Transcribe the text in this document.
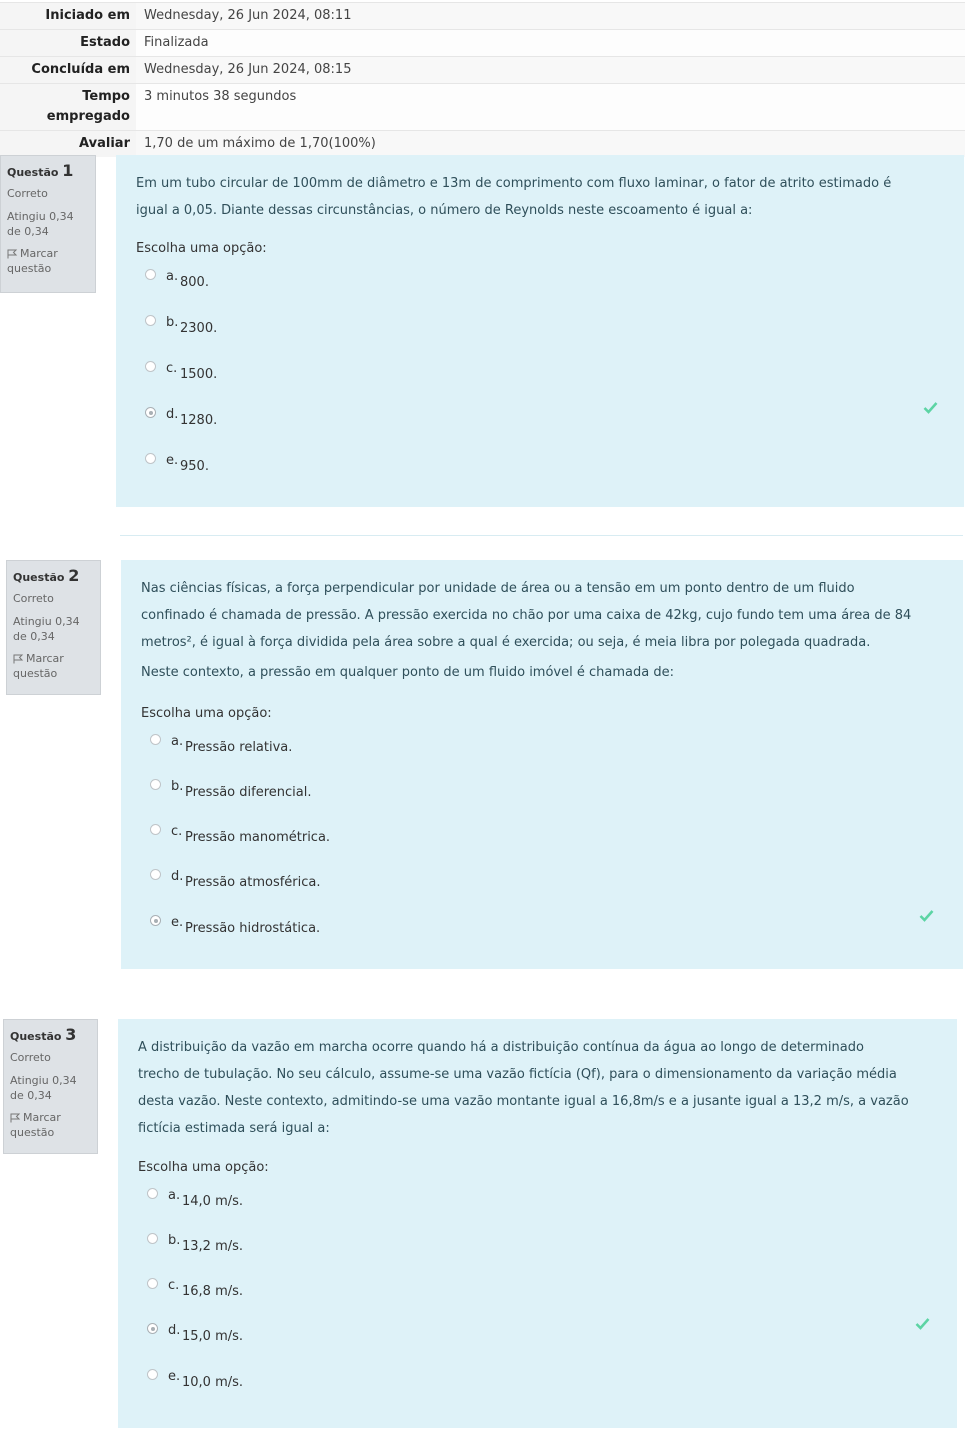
Iniciado em	Wednesday, 26 Jun 2024, 08:11
Estado	Finalizada
Concluída em	Wednesday, 26 Jun 2024, 08:15
Tempo
empregado	3 minutos 38 segundos
Avaliar	1,70 de um máximo de 1,70(100%)
Questão 1
Correto
Atingiu 0,34
de 0,34
Marcar
questão

Em um tubo circular de 100mm de diâmetro e 13m de comprimento com fluxo laminar, o fator de atrito estimado é

igual a 0,05. Diante dessas circunstâncias, o número de Reynolds neste escoamento é igual a:

Escolha uma opção:
a. 800.
b. 2300.
c. 1500.
d. 1280.
e. 950.
Questão 2
Correto
Atingiu 0,34
de 0,34
Marcar
questão

Nas ciências físicas, a força perpendicular por unidade de área ou a tensão em um ponto dentro de um fluido

confinado é chamada de pressão. A pressão exercida no chão por uma caixa de 42kg, cujo fundo tem uma área de 84

metros², é igual à força dividida pela área sobre a qual é exercida; ou seja, é meia libra por polegada quadrada.

Neste contexto, a pressão em qualquer ponto de um fluido imóvel é chamada de:

Escolha uma opção:
a. Pressão relativa.
b. Pressão diferencial.
c. Pressão manométrica.
d. Pressão atmosférica.
e. Pressão hidrostática.
Questão 3
Correto
Atingiu 0,34
de 0,34
Marcar
questão

A distribuição da vazão em marcha ocorre quando há a distribuição contínua da água ao longo de determinado

trecho de tubulação. No seu cálculo, assume-se uma vazão fictícia (Qf), para o dimensionamento da variação média

desta vazão. Neste contexto, admitindo-se uma vazão montante igual a 16,8m/s e a jusante igual a 13,2 m/s, a vazão

fictícia estimada será igual a:

Escolha uma opção:
a. 14,0 m/s.
b. 13,2 m/s.
c. 16,8 m/s.
d. 15,0 m/s.
e. 10,0 m/s.
